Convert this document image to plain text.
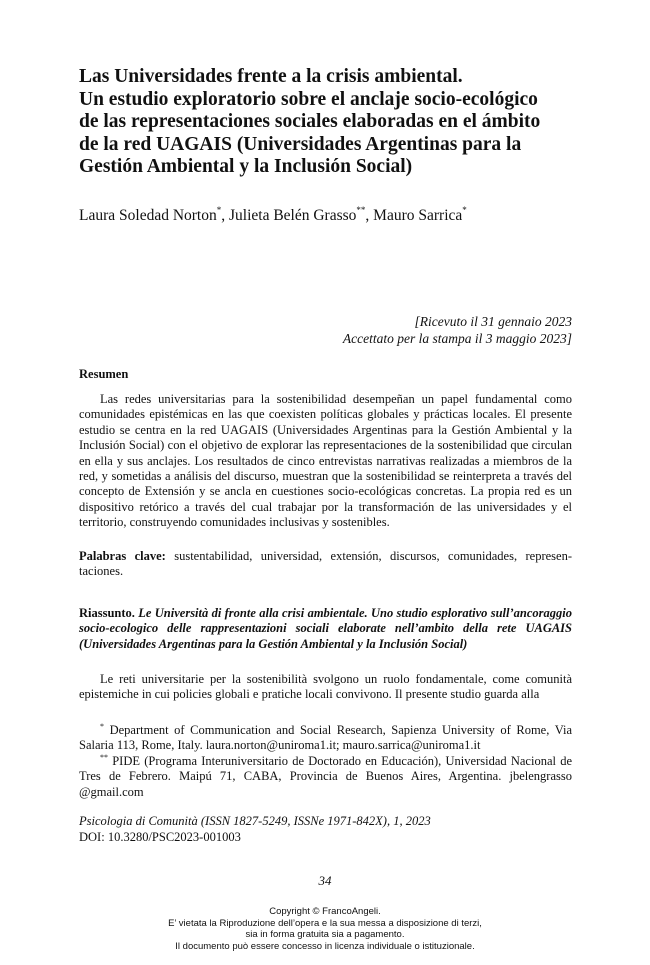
Las Universidades frente a la crisis ambiental.
Un estudio exploratorio sobre el anclaje socio-ecológico
de las representaciones sociales elaboradas en el ámbito
de la red UAGAIS (Universidades Argentinas para la
Gestión Ambiental y la Inclusión Social)
Laura Soledad Norton*, Julieta Belén Grasso**, Mauro Sarrica*
[Ricevuto il 31 gennaio 2023
Accettato per la stampa il 3 maggio 2023]
Resumen

Las redes universitarias para la sostenibilidad desempeñan un papel fundamental como comunidades epistémicas en las que coexisten políticas globales y prácticas locales. El presente estudio se centra en la red UAGAIS (Universidades Argentinas para la Gestión Ambiental y la Inclusión Social) con el objetivo de explorar las representaciones de la sostenibilidad que circulan en ella y sus anclajes. Los resultados de cinco entrevistas narrativas realizadas a miembros de la red, y sometidas a análisis del discurso, muestran que la sostenibilidad se reinterpreta a través del concepto de Extensión y se ancla en cuestiones socio-ecológicas concretas. La propia red es un dispositivo retórico a través del cual trabajar por la transformación de las universidades y el territorio, construyendo comunidades inclusivas y sostenibles.

Palabras clave: sustentabilidad, universidad, extensión, discursos, comunidades, representaciones.

Riassunto. Le Università di fronte alla crisi ambientale. Uno studio esplorativo sull’ancoraggio socio-ecologico delle rappresentazioni sociali elaborate nell’ambito della rete UAGAIS (Universidades Argentinas para la Gestión Ambiental y la Inclusión Social)

Le reti universitarie per la sostenibilità svolgono un ruolo fondamentale, come comunità epistemiche in cui policies globali e pratiche locali convivono. Il presente studio guarda alla

* Department of Communication and Social Research, Sapienza University of Rome, Via Salaria 113, Rome, Italy. laura.norton@uniroma1.it; mauro.sarrica@uniroma1.it

** PIDE (Programa Interuniversitario de Doctorado en Educación), Universidad Nacional de Tres de Febrero. Maipú 71, CABA, Provincia de Buenos Aires, Argentina. jbelengrasso @gmail.com

Psicologia di Comunità (ISSN 1827-5249, ISSNe 1971-842X), 1, 2023
DOI: 10.3280/PSC2023-001003
34
Copyright © FrancoAngeli.
E’ vietata la Riproduzione dell’opera e la sua messa a disposizione di terzi,
sia in forma gratuita sia a pagamento.
Il documento può essere concesso in licenza individuale o istituzionale.
